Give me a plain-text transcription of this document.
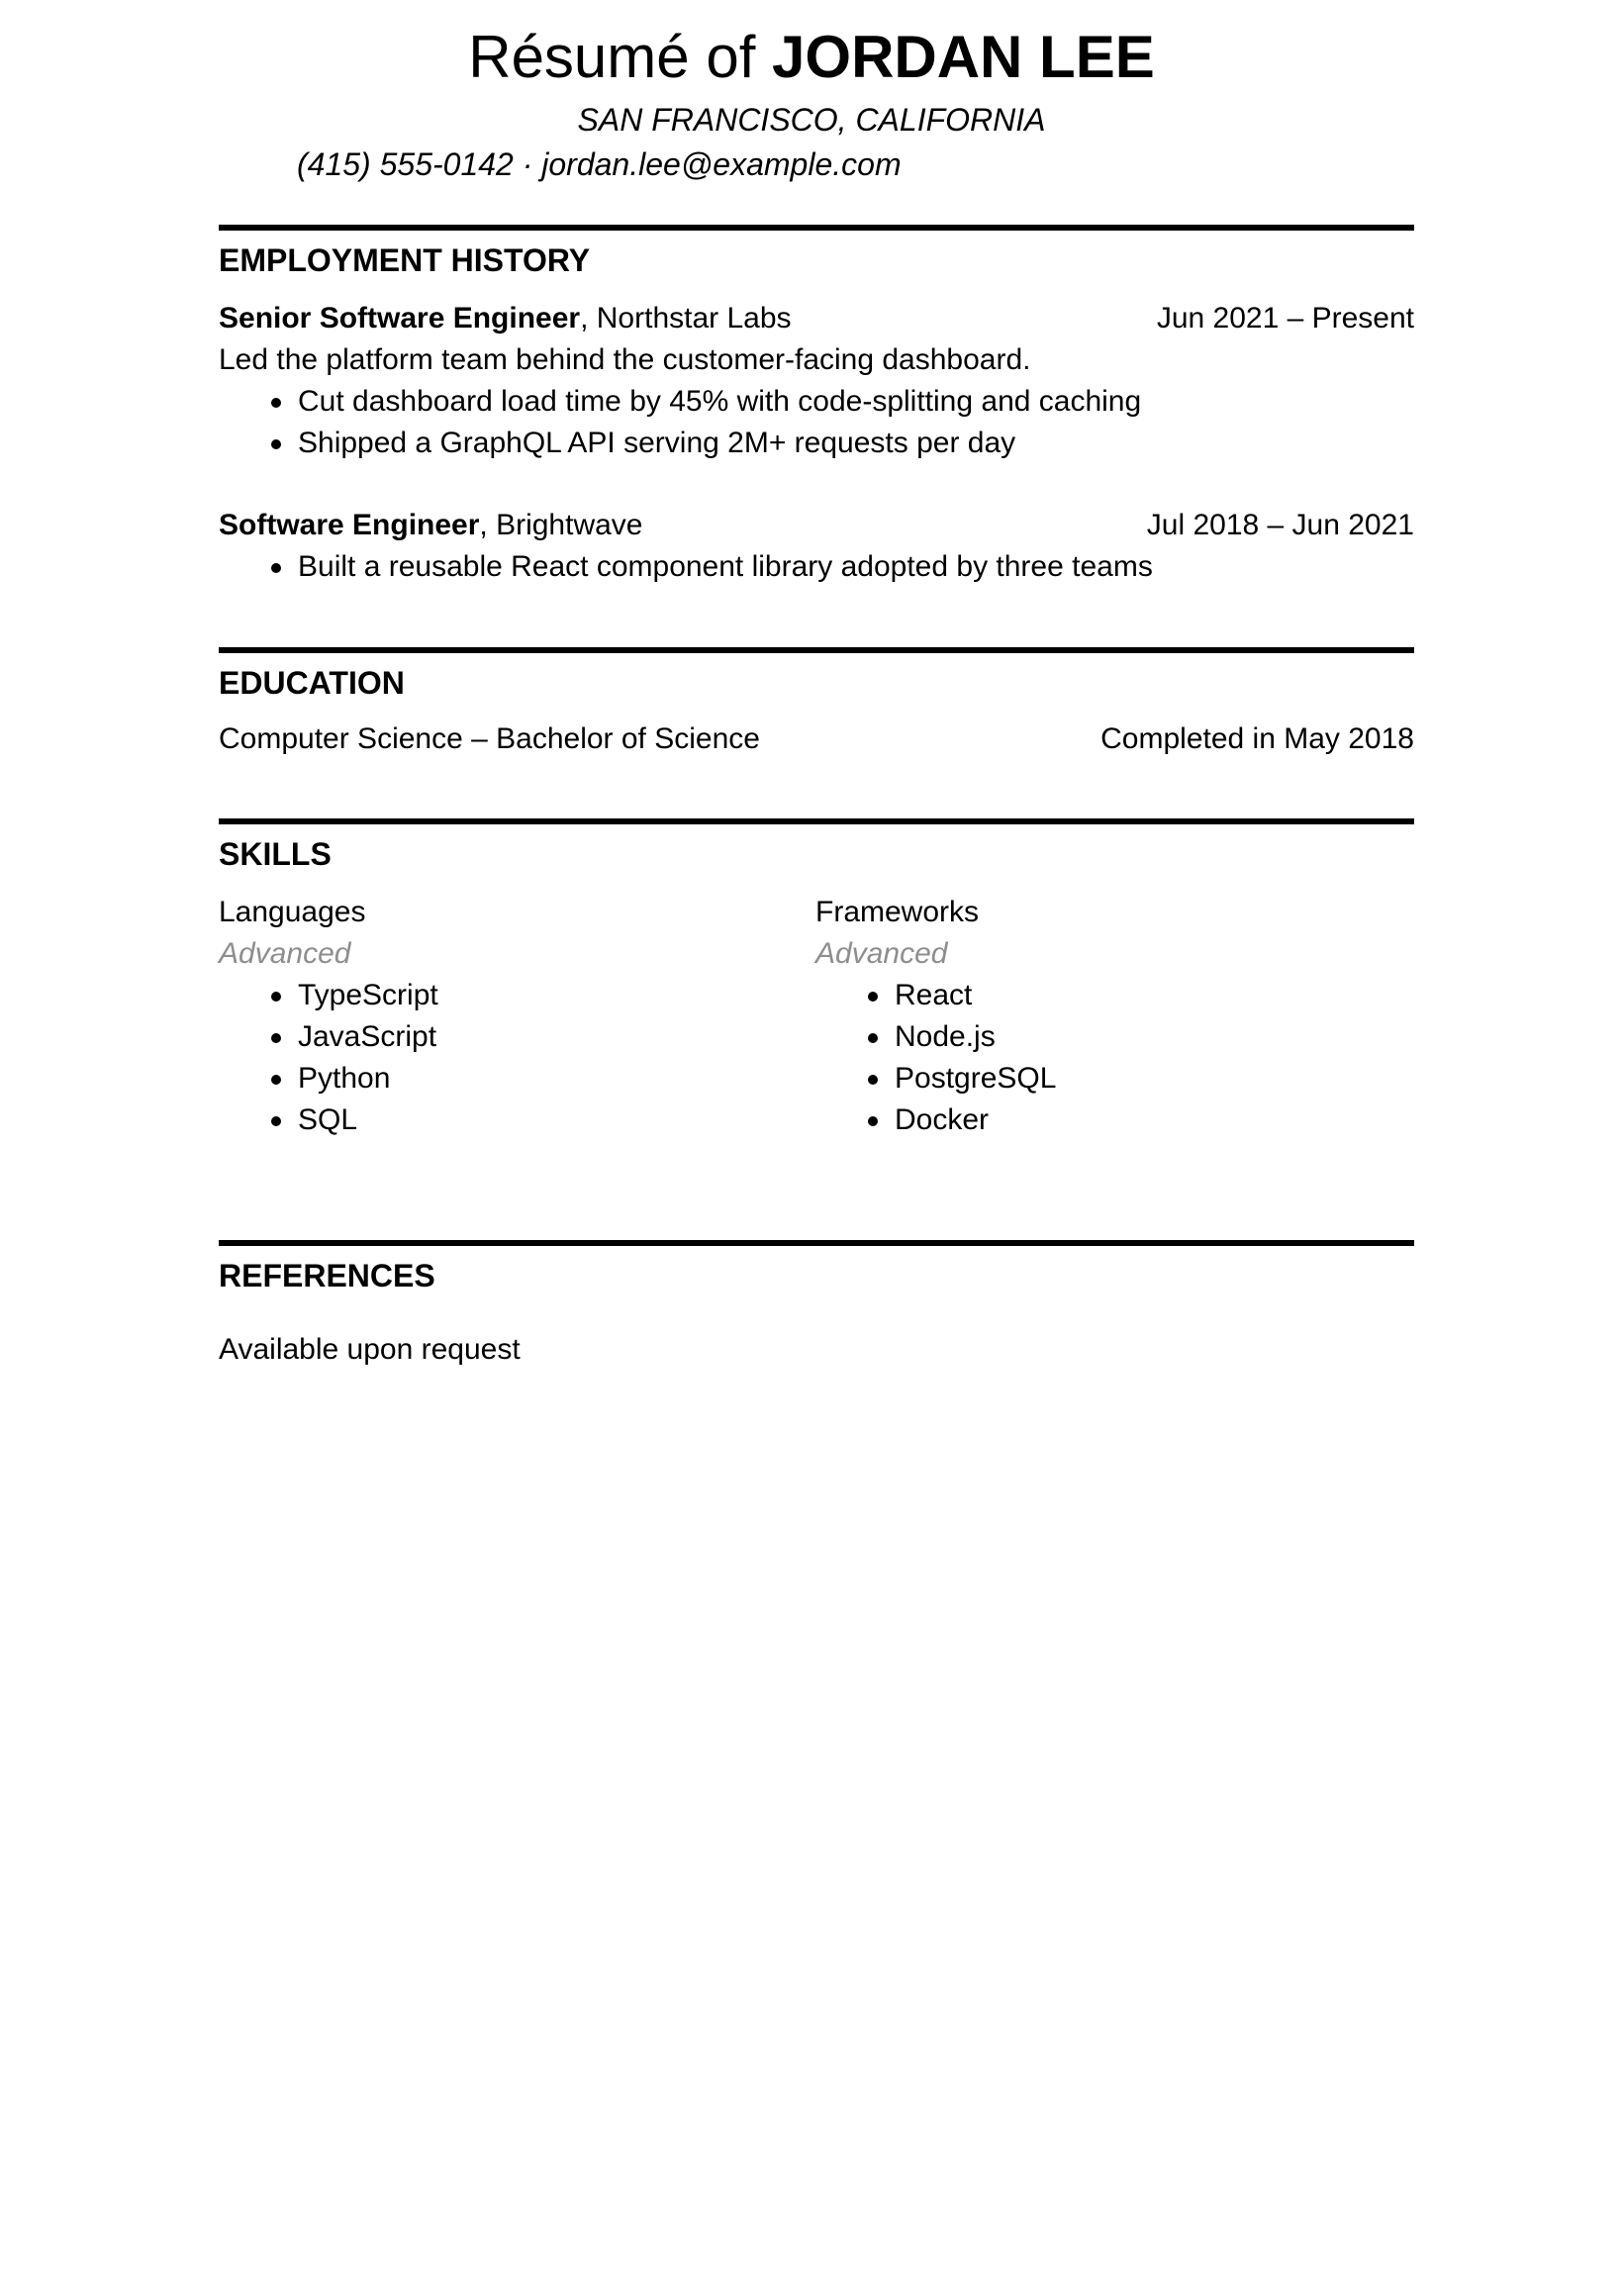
Résumé of JORDAN LEE
SAN FRANCISCO, CALIFORNIA
(415) 555-0142 · jordan.lee@example.com
EMPLOYMENT HISTORY
Senior Software Engineer, Northstar Labs	Jun 2021 – Present
Led the platform team behind the customer-facing dashboard.
Cut dashboard load time by 45% with code-splitting and caching
Shipped a GraphQL API serving 2M+ requests per day
Software Engineer, Brightwave	Jul 2018 – Jun 2021
Built a reusable React component library adopted by three teams
EDUCATION
Computer Science – Bachelor of Science	Completed in May 2018
SKILLS
Languages
Advanced
TypeScript
JavaScript
Python
SQL
Frameworks
Advanced
React
Node.js
PostgreSQL
Docker
REFERENCES
Available upon request
